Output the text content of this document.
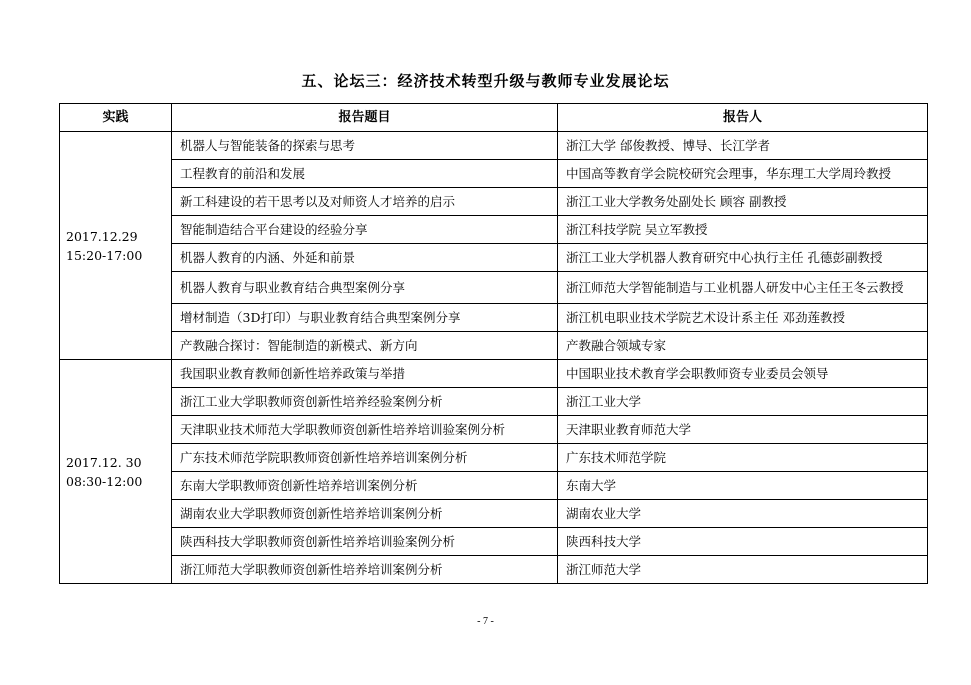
五、论坛三：经济技术转型升级与教师专业发展论坛
实践	报告题目	报告人

2017.12.29
15:20-17:00	机器人与智能装备的探索与思考	浙江大学 邰俊教授、博导、长江学者
	工程教育的前沿和发展	中国高等教育学会院校研究会理事，华东理工大学周玲教授
	新工科建设的若干思考以及对师资人才培养的启示	浙江工业大学教务处副处长 顾容 副教授
	智能制造结合平台建设的经验分享	浙江科技学院 吴立军教授
	机器人教育的内涵、外延和前景	浙江工业大学机器人教育研究中心执行主任 孔德彭副教授
	机器人教育与职业教育结合典型案例分享	浙江师范大学智能制造与工业机器人研发中心主任王冬云教授
	增材制造（3D打印）与职业教育结合典型案例分享	浙江机电职业技术学院艺术设计系主任 邓劲莲教授
	产教融合探讨：智能制造的新模式、新方向	产教融合领域专家

2017.12. 30
08:30-12:00	我国职业教育教师创新性培养政策与举措	中国职业技术教育学会职教师资专业委员会领导
	浙江工业大学职教师资创新性培养经验案例分析	浙江工业大学
	天津职业技术师范大学职教师资创新性培养培训验案例分析	天津职业教育师范大学
	广东技术师范学院职教师资创新性培养培训案例分析	广东技术师范学院
	东南大学职教师资创新性培养培训案例分析	东南大学
	湖南农业大学职教师资创新性培养培训案例分析	湖南农业大学
	陕西科技大学职教师资创新性培养培训验案例分析	陕西科技大学
	浙江师范大学职教师资创新性培养培训案例分析	浙江师范大学
- 7 -
